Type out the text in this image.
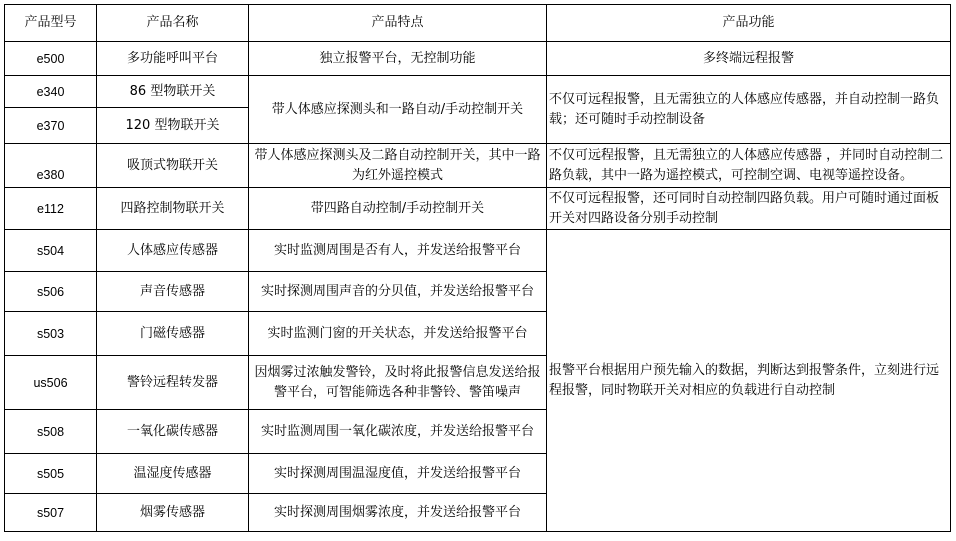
产品型号	产品名称	产品特点	产品功能
e500	多功能呼叫平台	独立报警平台，无控制功能	多终端远程报警
e340	86 型物联开关	带人体感应探测头和一路自动/手动控制开关	不仅可远程报警，且无需独立的人体感应传感器，并自动控制一路负载；还可随时手动控制设备
e370	120 型物联开关		
e380	吸顶式物联开关	带人体感应探测头及二路自动控制开关，其中一路为红外遥控模式	不仅可远程报警，且无需独立的人体感应传感器 ，并同时自动控制二路负载，其中一路为遥控模式，可控制空调、电视等遥控设备。
e112	四路控制物联开关	带四路自动控制/手动控制开关	不仅可远程报警，还可同时自动控制四路负载。用户可随时通过面板开关对四路设备分别手动控制
s504	人体感应传感器	实时监测周围是否有人，并发送给报警平台	报警平台根据用户预先输入的数据，判断达到报警条件，立刻进行远程报警，同时物联开关对相应的负载进行自动控制
s506	声音传感器	实时探测周围声音的分贝值，并发送给报警平台	
s503	门磁传感器	实时监测门窗的开关状态，并发送给报警平台	
us506	警铃远程转发器	因烟雾过浓触发警铃，及时将此报警信息发送给报警平台，可智能筛选各种非警铃、警笛噪声	
s508	一氧化碳传感器	实时监测周围一氧化碳浓度，并发送给报警平台	
s505	温湿度传感器	实时探测周围温湿度值，并发送给报警平台	
s507	烟雾传感器	实时探测周围烟雾浓度，并发送给报警平台	
